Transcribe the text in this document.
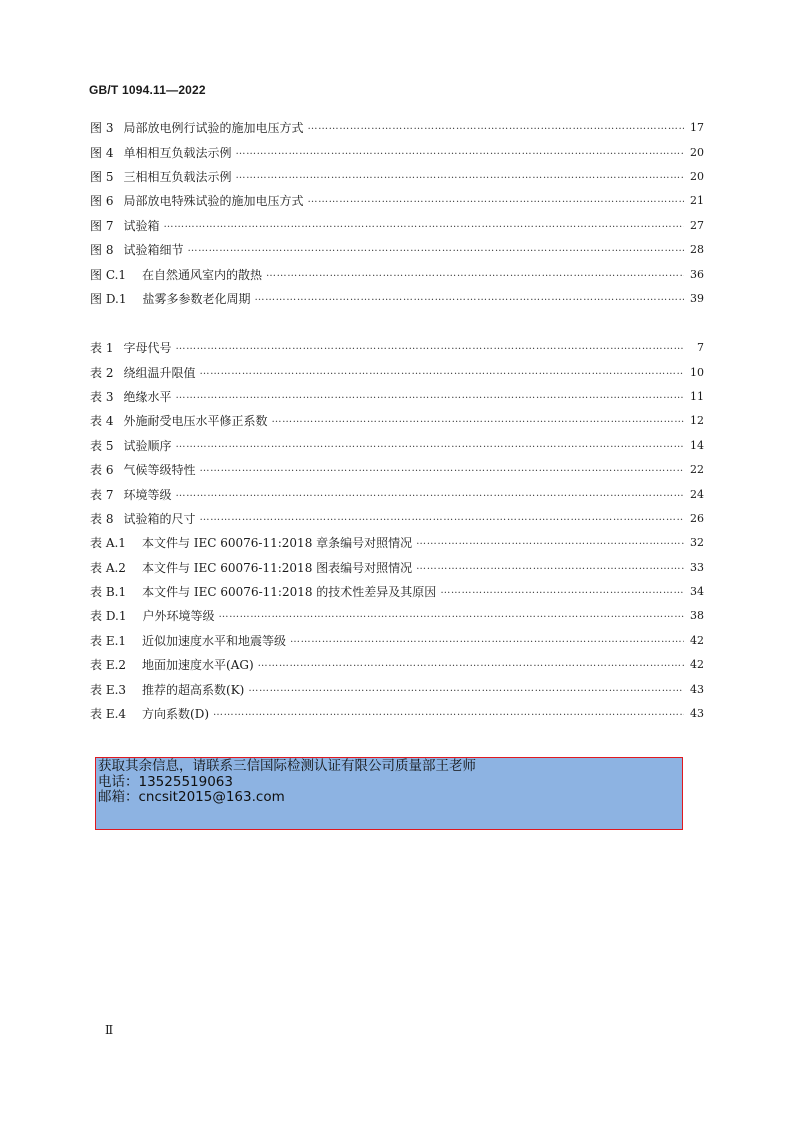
GB/T 1094.11—2022
图 3 局部放电例行试验的施加电压方式 ……………………………………………………………………………………………………………………………………………………………………………………………………	17
图 4 单相相互负载法示例 ……………………………………………………………………………………………………………………………………………………………………………………………………	20
图 5 三相相互负载法示例 ……………………………………………………………………………………………………………………………………………………………………………………………………	20
图 6 局部放电特殊试验的施加电压方式 ……………………………………………………………………………………………………………………………………………………………………………………………………	21
图 7 试验箱 ……………………………………………………………………………………………………………………………………………………………………………………………………	27
图 8 试验箱细节 ……………………………………………………………………………………………………………………………………………………………………………………………………	28
图 C.1 在自然通风室内的散热 ……………………………………………………………………………………………………………………………………………………………………………………………………	36
图 D.1 盐雾多参数老化周期 ……………………………………………………………………………………………………………………………………………………………………………………………………	39
表 1 字母代号 ……………………………………………………………………………………………………………………………………………………………………………………………………	7
表 2 绕组温升限值 ……………………………………………………………………………………………………………………………………………………………………………………………………	10
表 3 绝缘水平 ……………………………………………………………………………………………………………………………………………………………………………………………………	11
表 4 外施耐受电压水平修正系数 ……………………………………………………………………………………………………………………………………………………………………………………………………	12
表 5 试验顺序 ……………………………………………………………………………………………………………………………………………………………………………………………………	14
表 6 气候等级特性 ……………………………………………………………………………………………………………………………………………………………………………………………………	22
表 7 环境等级 ……………………………………………………………………………………………………………………………………………………………………………………………………	24
表 8 试验箱的尺寸 ……………………………………………………………………………………………………………………………………………………………………………………………………	26
表 A.1 本文件与 IEC 60076-11:2018 章条编号对照情况 ……………………………………………………………………………………………………………………………………………………………………………………………………	32
表 A.2 本文件与 IEC 60076-11:2018 图表编号对照情况 ……………………………………………………………………………………………………………………………………………………………………………………………………	33
表 B.1 本文件与 IEC 60076-11:2018 的技术性差异及其原因 ……………………………………………………………………………………………………………………………………………………………………………………………………	34
表 D.1 户外环境等级 ……………………………………………………………………………………………………………………………………………………………………………………………………	38
表 E.1 近似加速度水平和地震等级 ……………………………………………………………………………………………………………………………………………………………………………………………………	42
表 E.2 地面加速度水平(AG) ……………………………………………………………………………………………………………………………………………………………………………………………………	42
表 E.3 推荐的超高系数(K) ……………………………………………………………………………………………………………………………………………………………………………………………………	43
表 E.4 方向系数(D) ……………………………………………………………………………………………………………………………………………………………………………………………………	43
获取其余信息，请联系三信国际检测认证有限公司质量部王老师
电话：13525519063
邮箱：cncsit2015@163.com
Ⅱ
